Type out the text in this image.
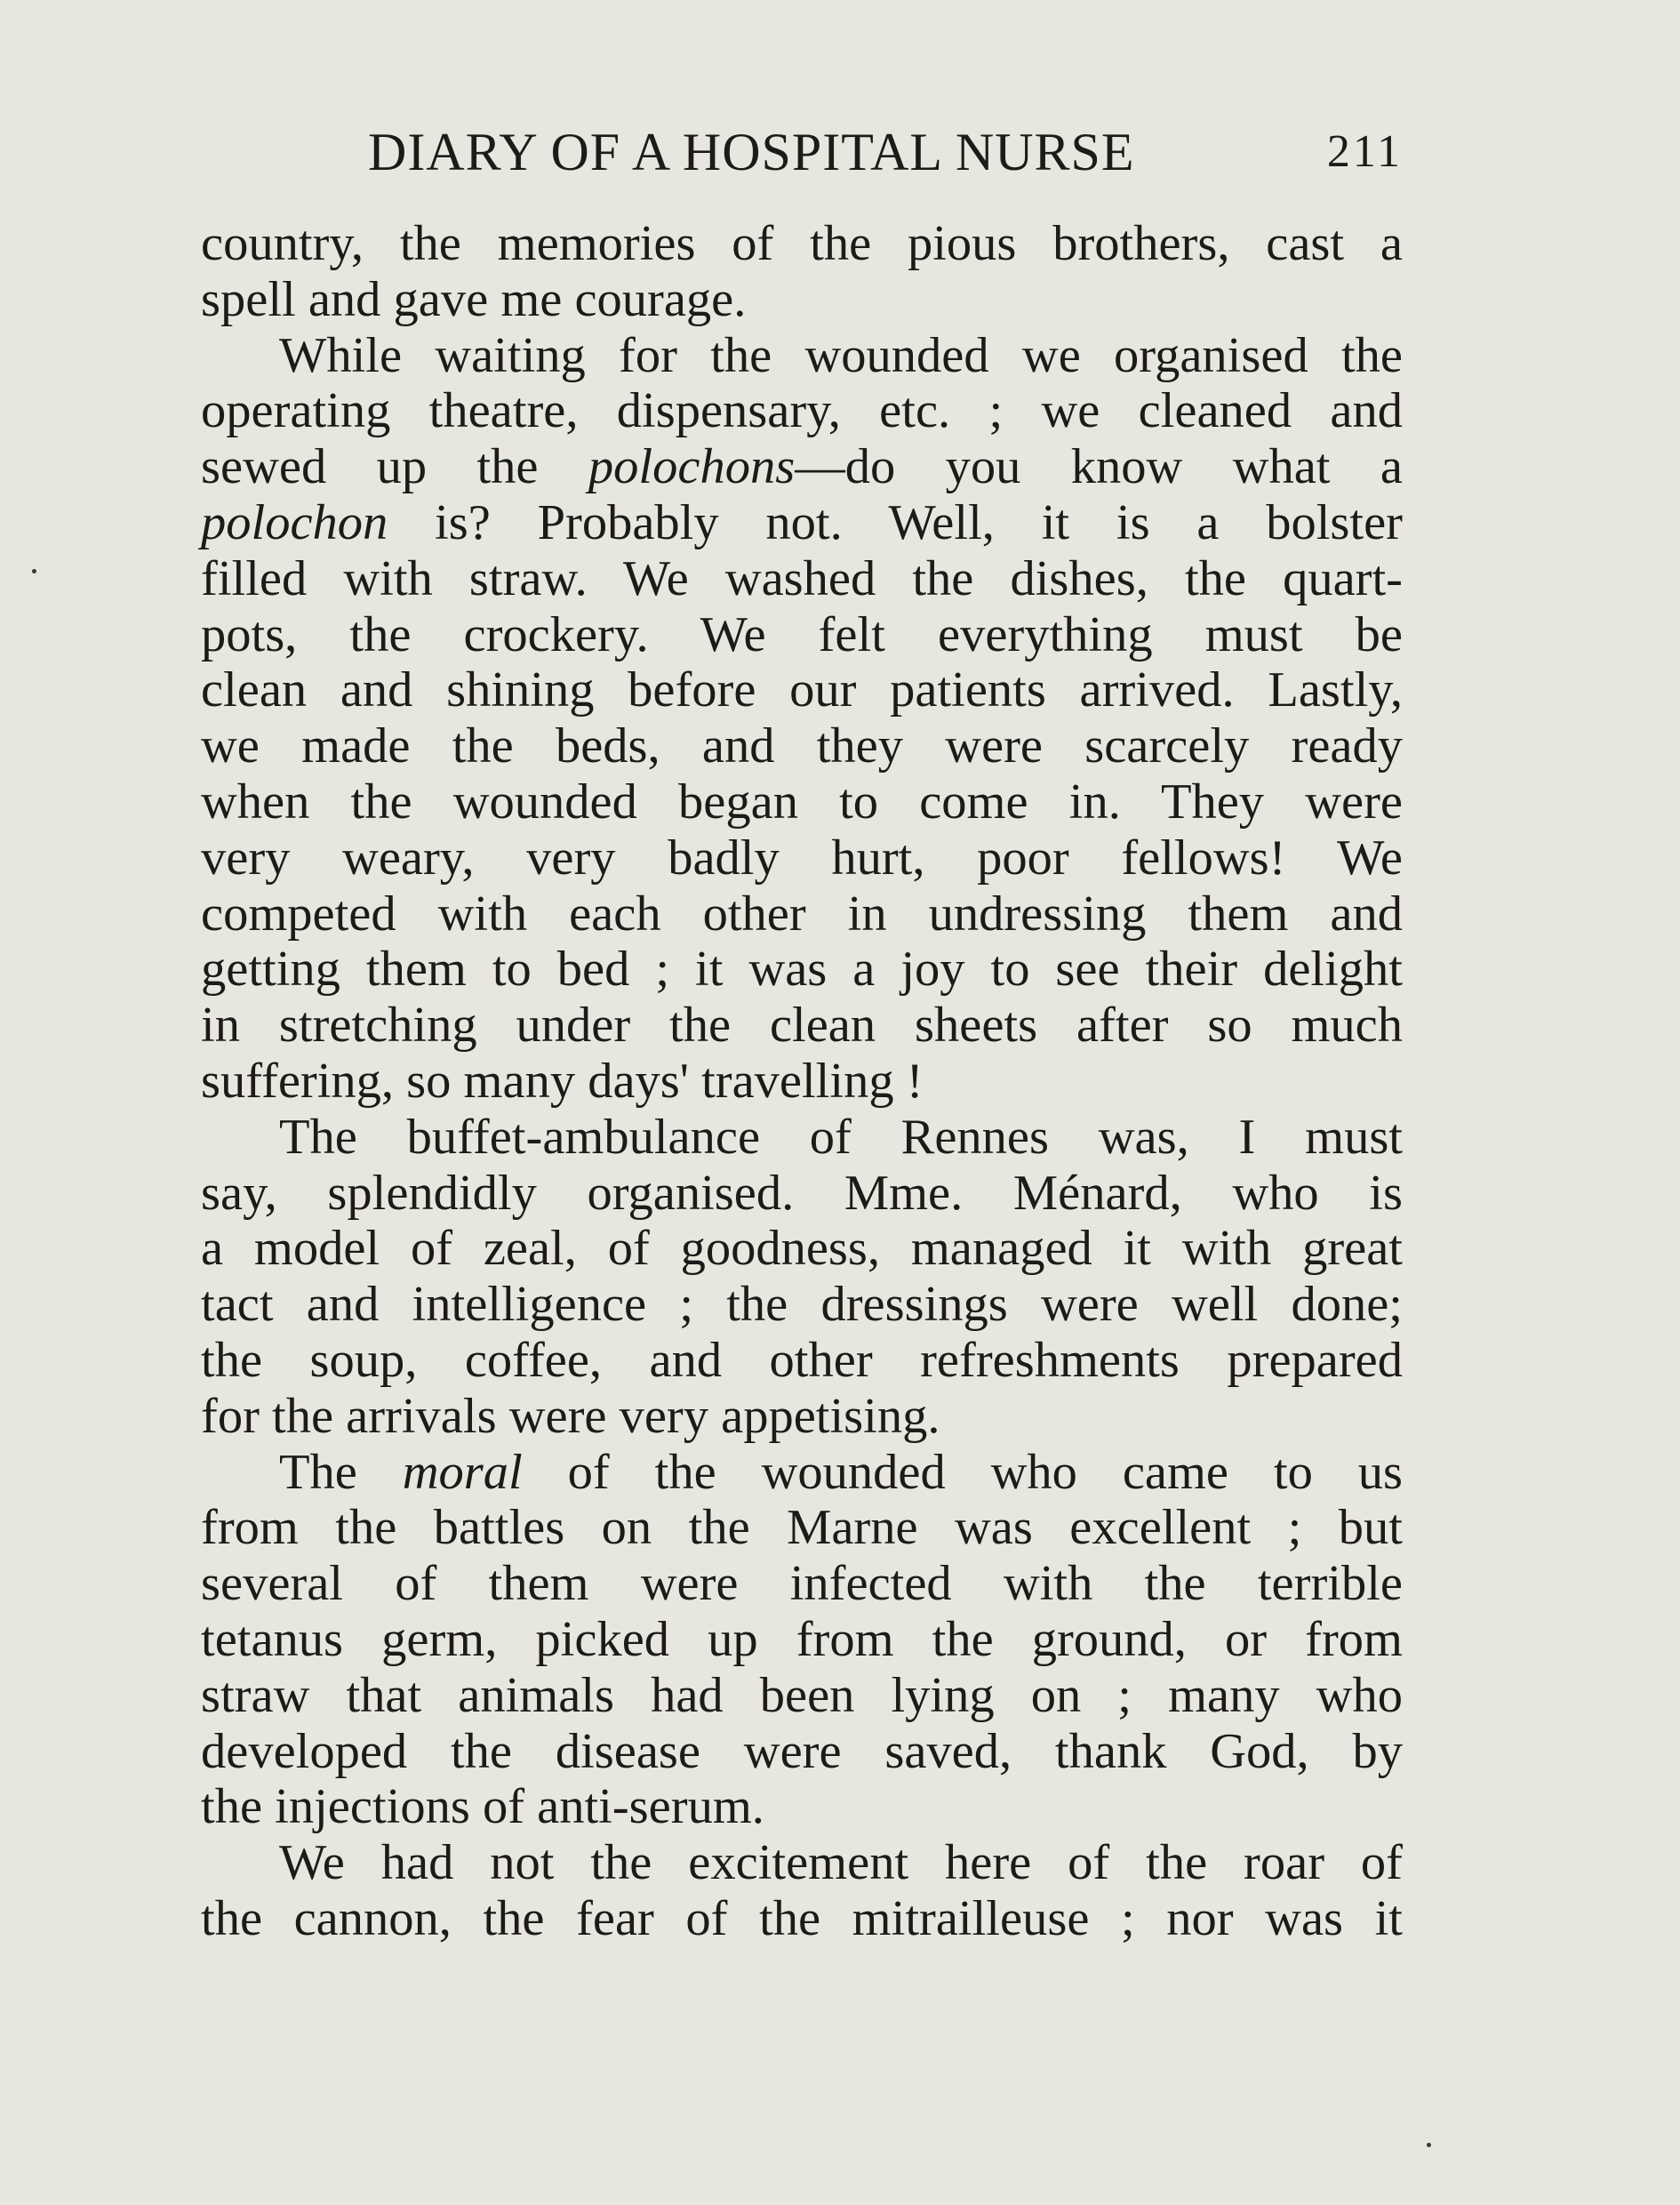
DIARY OF A HOSPITAL NURSE	211
country, the memories of the pious brothers, cast a
spell and gave me courage.
While waiting for the wounded we organised the
operating theatre, dispensary, etc. ; we cleaned and
sewed up the polochons—do you know what a
polochon is? Probably not. Well, it is a bolster
filled with straw. We washed the dishes, the quart-
pots, the crockery. We felt everything must be
clean and shining before our patients arrived. Lastly,
we made the beds, and they were scarcely ready
when the wounded began to come in. They were
very weary, very badly hurt, poor fellows! We
competed with each other in undressing them and
getting them to bed ; it was a joy to see their delight
in stretching under the clean sheets after so much
suffering, so many days' travelling !
The buffet-ambulance of Rennes was, I must
say, splendidly organised. Mme. Ménard, who is
a model of zeal, of goodness, managed it with great
tact and intelligence ; the dressings were well done;
the soup, coffee, and other refreshments prepared
for the arrivals were very appetising.
The moral of the wounded who came to us
from the battles on the Marne was excellent ; but
several of them were infected with the terrible
tetanus germ, picked up from the ground, or from
straw that animals had been lying on ; many who
developed the disease were saved, thank God, by
the injections of anti-serum.
We had not the excitement here of the roar of
the cannon, the fear of the mitrailleuse ; nor was it
